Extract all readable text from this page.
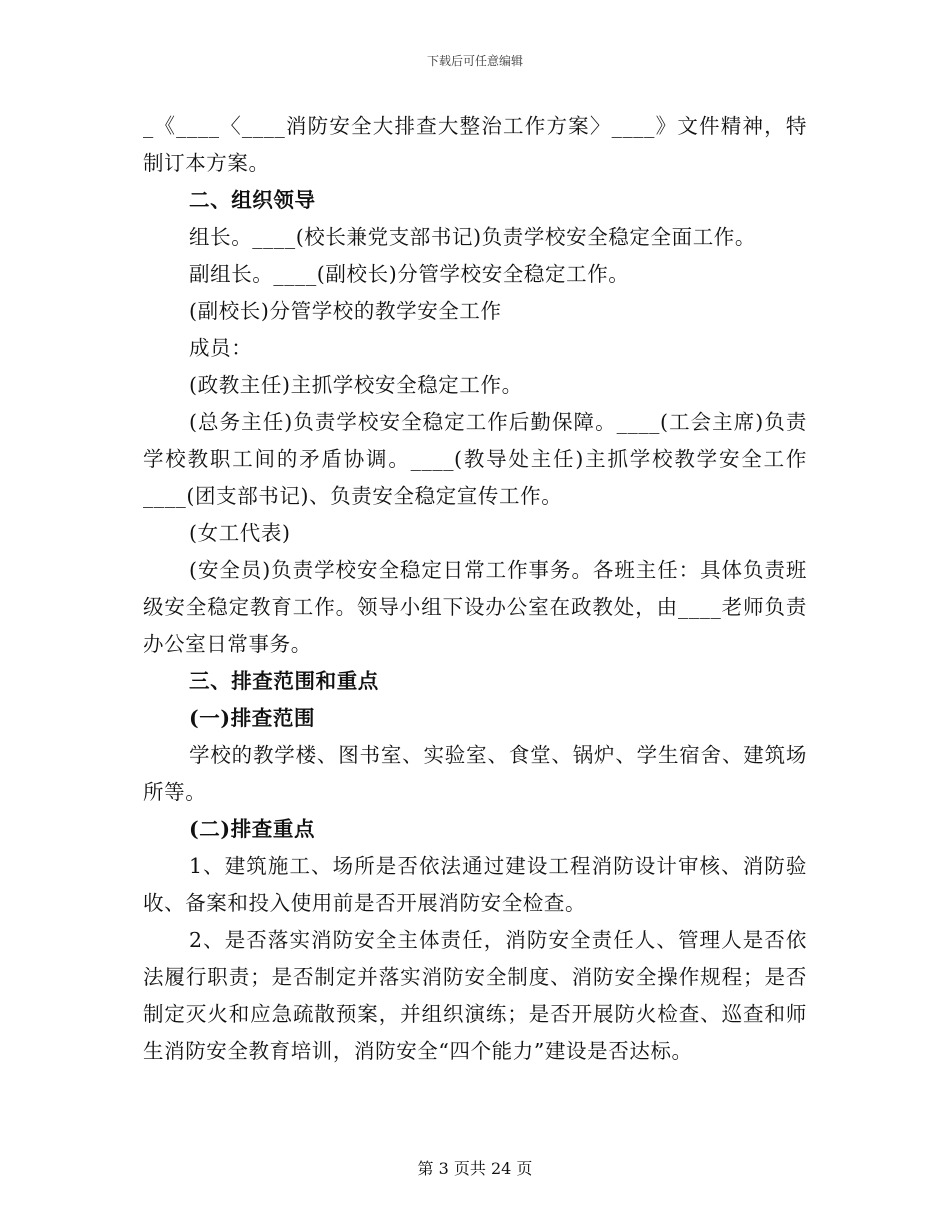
下载后可任意编辑

_《____〈____消防安全大排查大整治工作方案〉____》文件精神，特制订本方案。

二、组织领导

组长。____(校长兼党支部书记)负责学校安全稳定全面工作。

副组长。____(副校长)分管学校安全稳定工作。

(副校长)分管学校的教学安全工作

成员：

(政教主任)主抓学校安全稳定工作。

(总务主任)负责学校安全稳定工作后勤保障。____(工会主席)负责学校教职工间的矛盾协调。____(教导处主任)主抓学校教学安全工作____(团支部书记)、负责安全稳定宣传工作。

(女工代表)

(安全员)负责学校安全稳定日常工作事务。各班主任：具体负责班级安全稳定教育工作。领导小组下设办公室在政教处，由____老师负责办公室日常事务。

三、排查范围和重点

(一)排查范围

学校的教学楼、图书室、实验室、食堂、锅炉、学生宿舍、建筑场所等。

(二)排查重点

1、建筑施工、场所是否依法通过建设工程消防设计审核、消防验收、备案和投入使用前是否开展消防安全检查。

2、是否落实消防安全主体责任，消防安全责任人、管理人是否依法履行职责；是否制定并落实消防安全制度、消防安全操作规程；是否制定灭火和应急疏散预案，并组织演练；是否开展防火检查、巡查和师生消防安全教育培训，消防安全“四个能力”建设是否达标。

第 3 页共 24 页
